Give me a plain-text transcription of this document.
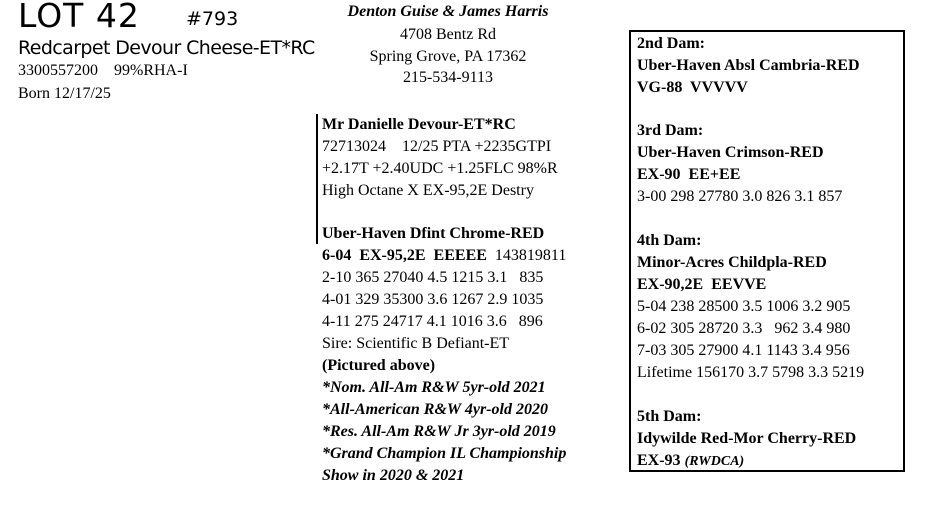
LOT 42 #793
Redcarpet Devour Cheese-ET*RC
3300557200    99%RHA-I
Born 12/17/25
Denton Guise & James Harris
4708 Bentz Rd
Spring Grove, PA 17362
215-534-9113
Mr Danielle Devour-ET*RC
72713024    12/25 PTA +2235GTPI
+2.17T +2.40UDC +1.25FLC 98%R
High Octane X EX-95,2E Destry
Uber-Haven Dfint Chrome-RED
6-04  EX-95,2E  EEEEE 143819811
2-10 365 27040 4.5 1215 3.1   835
4-01 329 35300 3.6 1267 2.9 1035
4-11 275 24717 4.1 1016 3.6   896
Sire: Scientific B Defiant-ET
(Pictured above)
*Nom. All-Am R&W 5yr-old 2021
*All-American R&W 4yr-old 2020
*Res. All-Am R&W Jr 3yr-old 2019
*Grand Champion IL Championship
Show in 2020 & 2021
2nd Dam:
Uber-Haven Absl Cambria-RED
VG-88  VVVVV
3rd Dam:
Uber-Haven Crimson-RED
EX-90  EE+EE
3-00 298 27780 3.0 826 3.1 857
4th Dam:
Minor-Acres Childpla-RED
EX-90,2E  EEVVE
5-04 238 28500 3.5 1006 3.2 905
6-02 305 28720 3.3   962 3.4 980
7-03 305 27900 4.1 1143 3.4 956
Lifetime 156170 3.7 5798 3.3 5219
5th Dam:
Idywilde Red-Mor Cherry-RED
EX-93 (RWDCA)
